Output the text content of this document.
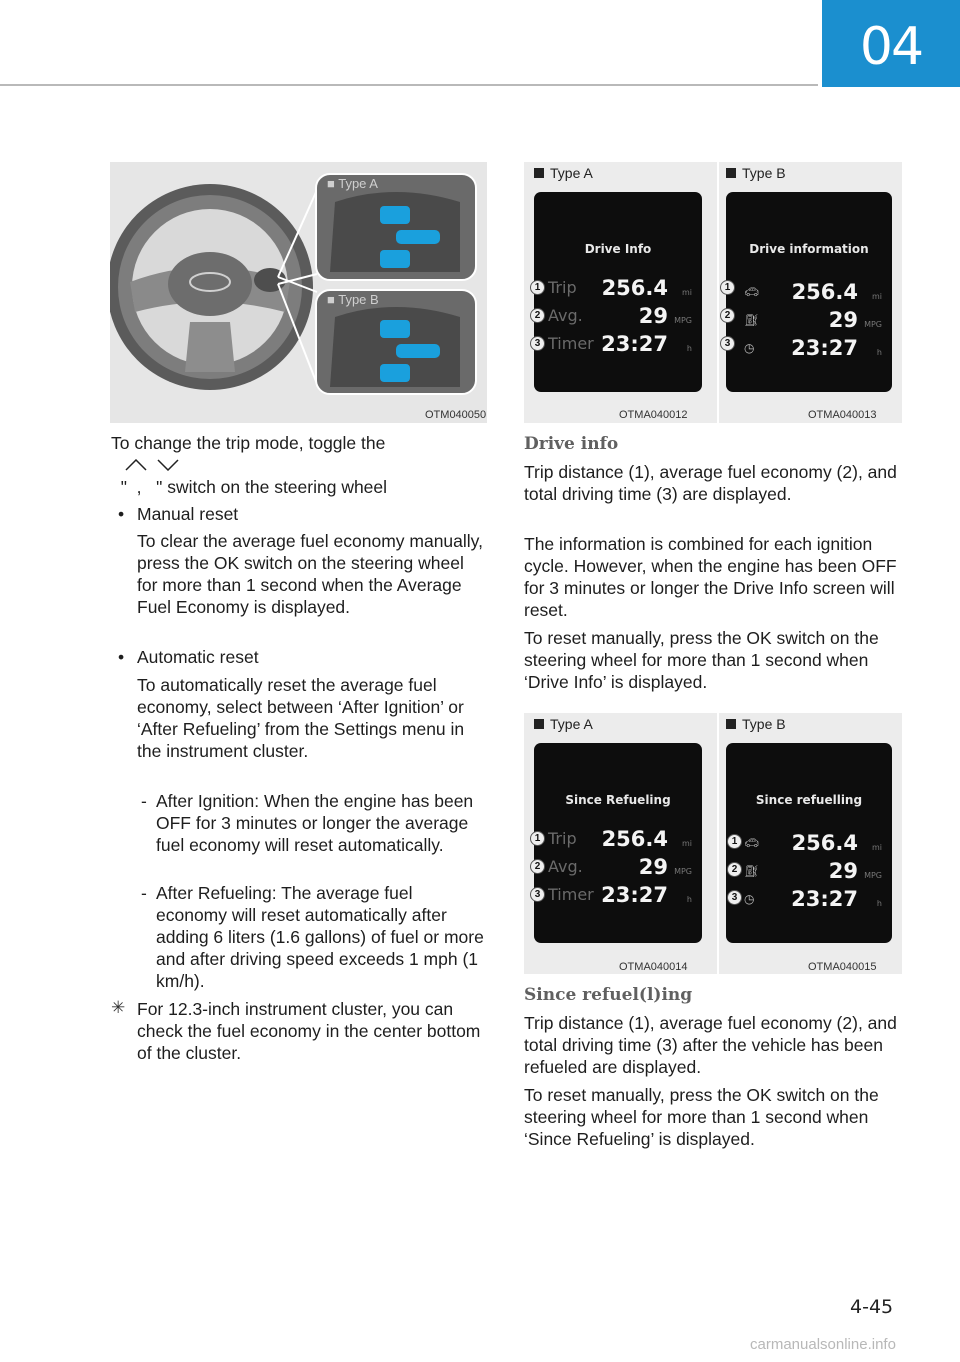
04
■ Type A
■ Type B
OTM040050
To change the trip mode, toggle the

"  ,   " switch on the steering wheel

• Manual reset
To clear the average fuel economy manually, press the OK switch on the steering wheel for more than 1 second when the Average Fuel Economy is displayed.
• Automatic reset
To automatically reset the average fuel economy, select between ‘After Ignition’ or ‘After Refueling’ from the Settings menu in the instrument cluster.
- After Ignition: When the engine has been OFF for 3 minutes or longer the average fuel economy will reset automatically.
- After Refueling: The average fuel economy will reset automatically after adding 6 liters (1.6 gallons) of fuel or more and after driving speed exceeds 1 mph (1 km/h).
✳ For 12.3-inch instrument cluster, you can check the fuel economy in the center bottom of the cluster.
Type A	Type B
Drive Info
Trip 256.4 mi
Avg.	29 MPG
Timer 23:27 h
1
2
3
Drive information
🚗︎ 256.4 mi
⛽︎	29 MPG
◷ 23:27 h
1
2
3
OTMA040012	OTMA040013
Drive info
Trip distance (1), average fuel economy (2), and total driving time (3) are displayed.
The information is combined for each ignition cycle. However, when the engine has been OFF for 3 minutes or longer the Drive Info screen will reset.
To reset manually, press the OK switch on the steering wheel for more than 1 second when ‘Drive Info’ is displayed.
Type A	Type B
Since Refueling
Trip 256.4 mi
Avg.	29 MPG
Timer 23:27 h
1
2
3
Since refuelling
🚗︎ 256.4 mi
⛽︎	29 MPG
◷ 23:27 h
1
2
3
OTMA040014	OTMA040015
Since refuel(l)ing
Trip distance (1), average fuel economy (2), and total driving time (3) after the vehicle has been refueled are displayed.
To reset manually, press the OK switch on the steering wheel for more than 1 second when ‘Since Refueling’ is displayed.
4-45
carmanualsonline.info
